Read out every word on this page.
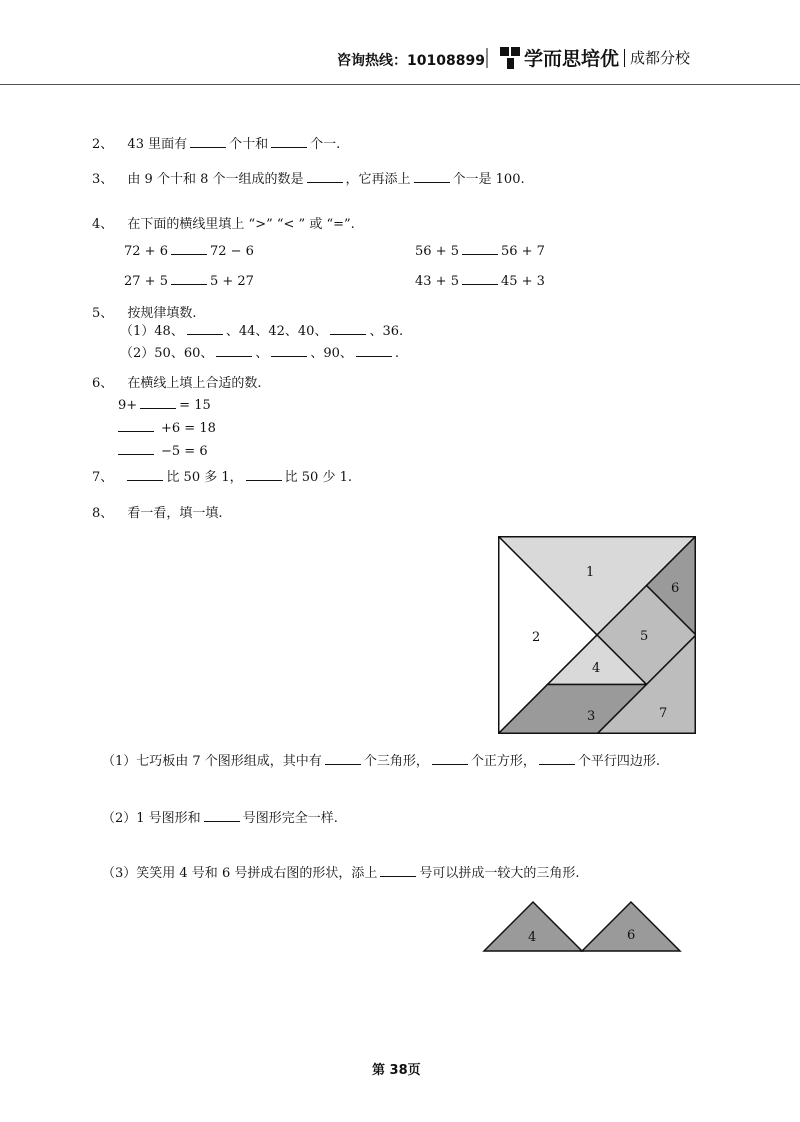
咨询热线：10108899 学而思培优 成都分校
2、 43 里面有	个十和	个一.
3、 由 9 个十和 8 个一组成的数是	，它再添上	个一是 100.
4、 在下面的横线里填上 “>” “< ” 或 “=”.
72 + 6	72 − 6	56 + 5	56 + 7
27 + 5	5 + 27	43 + 5	45 + 3
5、 按规律填数.
（1）48、	、44、42、40、	、36.
（2）50、60、	、	、90、	.
6、 在横线上填上合适的数.
9+	= 15
+6 = 18
−5 = 6
7、	比 50 多 1，	比 50 少 1.
8、 看一看，填一填.
1
2
3
4
5
6
7
（1）七巧板由 7 个图形组成，其中有	个三角形，	个正方形，	个平行四边形.
（2）1 号图形和	号图形完全一样.
（3）笑笑用 4 号和 6 号拼成右图的形状，添上	号可以拼成一较大的三角形.
4	6
第 38页
